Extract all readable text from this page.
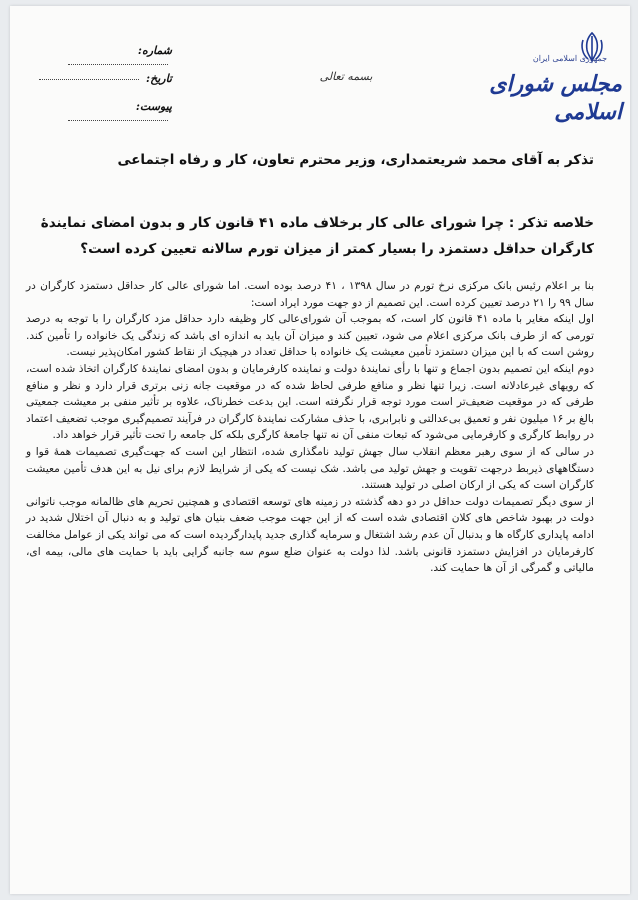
جمهوری اسلامی ایران
مجلس شورای اسلامی
بسمه تعالی
شماره:
تاریخ:
پیوست:
تذکر به آقای محمد شریعتمداری، وزیر محترم تعاون، کار و رفاه اجتماعی
خلاصه تذکر : چرا شورای عالی کار برخلاف ماده ۴۱ قانون کار و بدون امضای نمایندهٔ کارگران حداقل دستمزد را بسیار کمتر از میزان تورم سالانه تعیین کرده است؟

بنا بر اعلام رئیس بانک مرکزی نرخ تورم در سال ۱۳۹۸ ، ۴۱ درصد بوده است. اما شورای عالی کار حداقل دستمزد کارگران در سال ۹۹ را ۲۱ درصد تعیین کرده است. این تصمیم از دو جهت مورد ایراد است:

اول اینکه مغایر با ماده ۴۱ قانون کار است، که بموجب آن شورای‌عالی کار وظیفه دارد حداقل مزد کارگران را با توجه به درصد تورمی که از طرف بانک مرکزی اعلام می شود، تعیین کند و میزان آن باید به اندازه ای باشد که زندگی یک خانواده را تأمین کند. روشن است که با این میزان دستمزد تأمین معیشت یک خانواده با حداقل تعداد در هیچیک از نقاط کشور امکان‌پذیر نیست.

دوم اینکه این تصمیم بدون اجماع و تنها با رأی نمایندهٔ دولت و نماینده کارفرمایان و بدون امضای نمایندهٔ کارگران اتخاذ شده است، که رویهای غیرعادلانه است. زیرا تنها نظر و منافع طرفی لحاظ شده که در موقعیت جانه زنی برتری قرار دارد و نظر و منافع طرفی که در موقعیت ضعیف‌تر است مورد توجه قرار نگرفته است. این بدعت خطرناک، علاوه بر تأثیر منفی بر معیشت جمعیتی بالغ بر ۱۶ میلیون نفر و تعمیق بی‌عدالتی و نابرابری، با حذف مشارکت نمایندهٔ کارگران در فرآیند تصمیم‌گیری موجب تضعیف اعتماد در روابط کارگری و کارفرمایی می‌شود که تبعات منفی آن نه تنها جامعهٔ کارگری بلکه کل جامعه را تحت تأثیر قرار خواهد داد.

در سالی که از سوی رهبر معظم انقلاب سال جهش تولید نامگذاری شده، انتظار این است که جهت‌گیری تصمیمات همهٔ قوا و دستگاههای ذیربط درجهت تقویت و جهش تولید می باشد. شک نیست که یکی از شرایط لازم برای نیل به این هدف تأمین معیشت کارگران است که یکی از ارکان اصلی در تولید هستند.

از سوی دیگر تصمیمات دولت حداقل در دو دهه گذشته در زمینه های توسعه اقتصادی و همچنین تحریم های ظالمانه موجب ناتوانی دولت در بهبود شاخص های کلان اقتصادی شده است که از این جهت موجب ضعف بنیان های تولید و به دنبال آن اختلال شدید در ادامه پایداری کارگاه ها و بدنبال آن عدم رشد اشتغال و سرمایه گذاری جدید پایدارگردیده است که می تواند یکی از عوامل مخالفت کارفرمایان در افزایش دستمزد قانونی باشد. لذا دولت به عنوان ضلع سوم سه جانبه گرایی باید با حمایت های مالی، بیمه ای، مالیاتی و گمرگی از آن ها حمایت کند.
